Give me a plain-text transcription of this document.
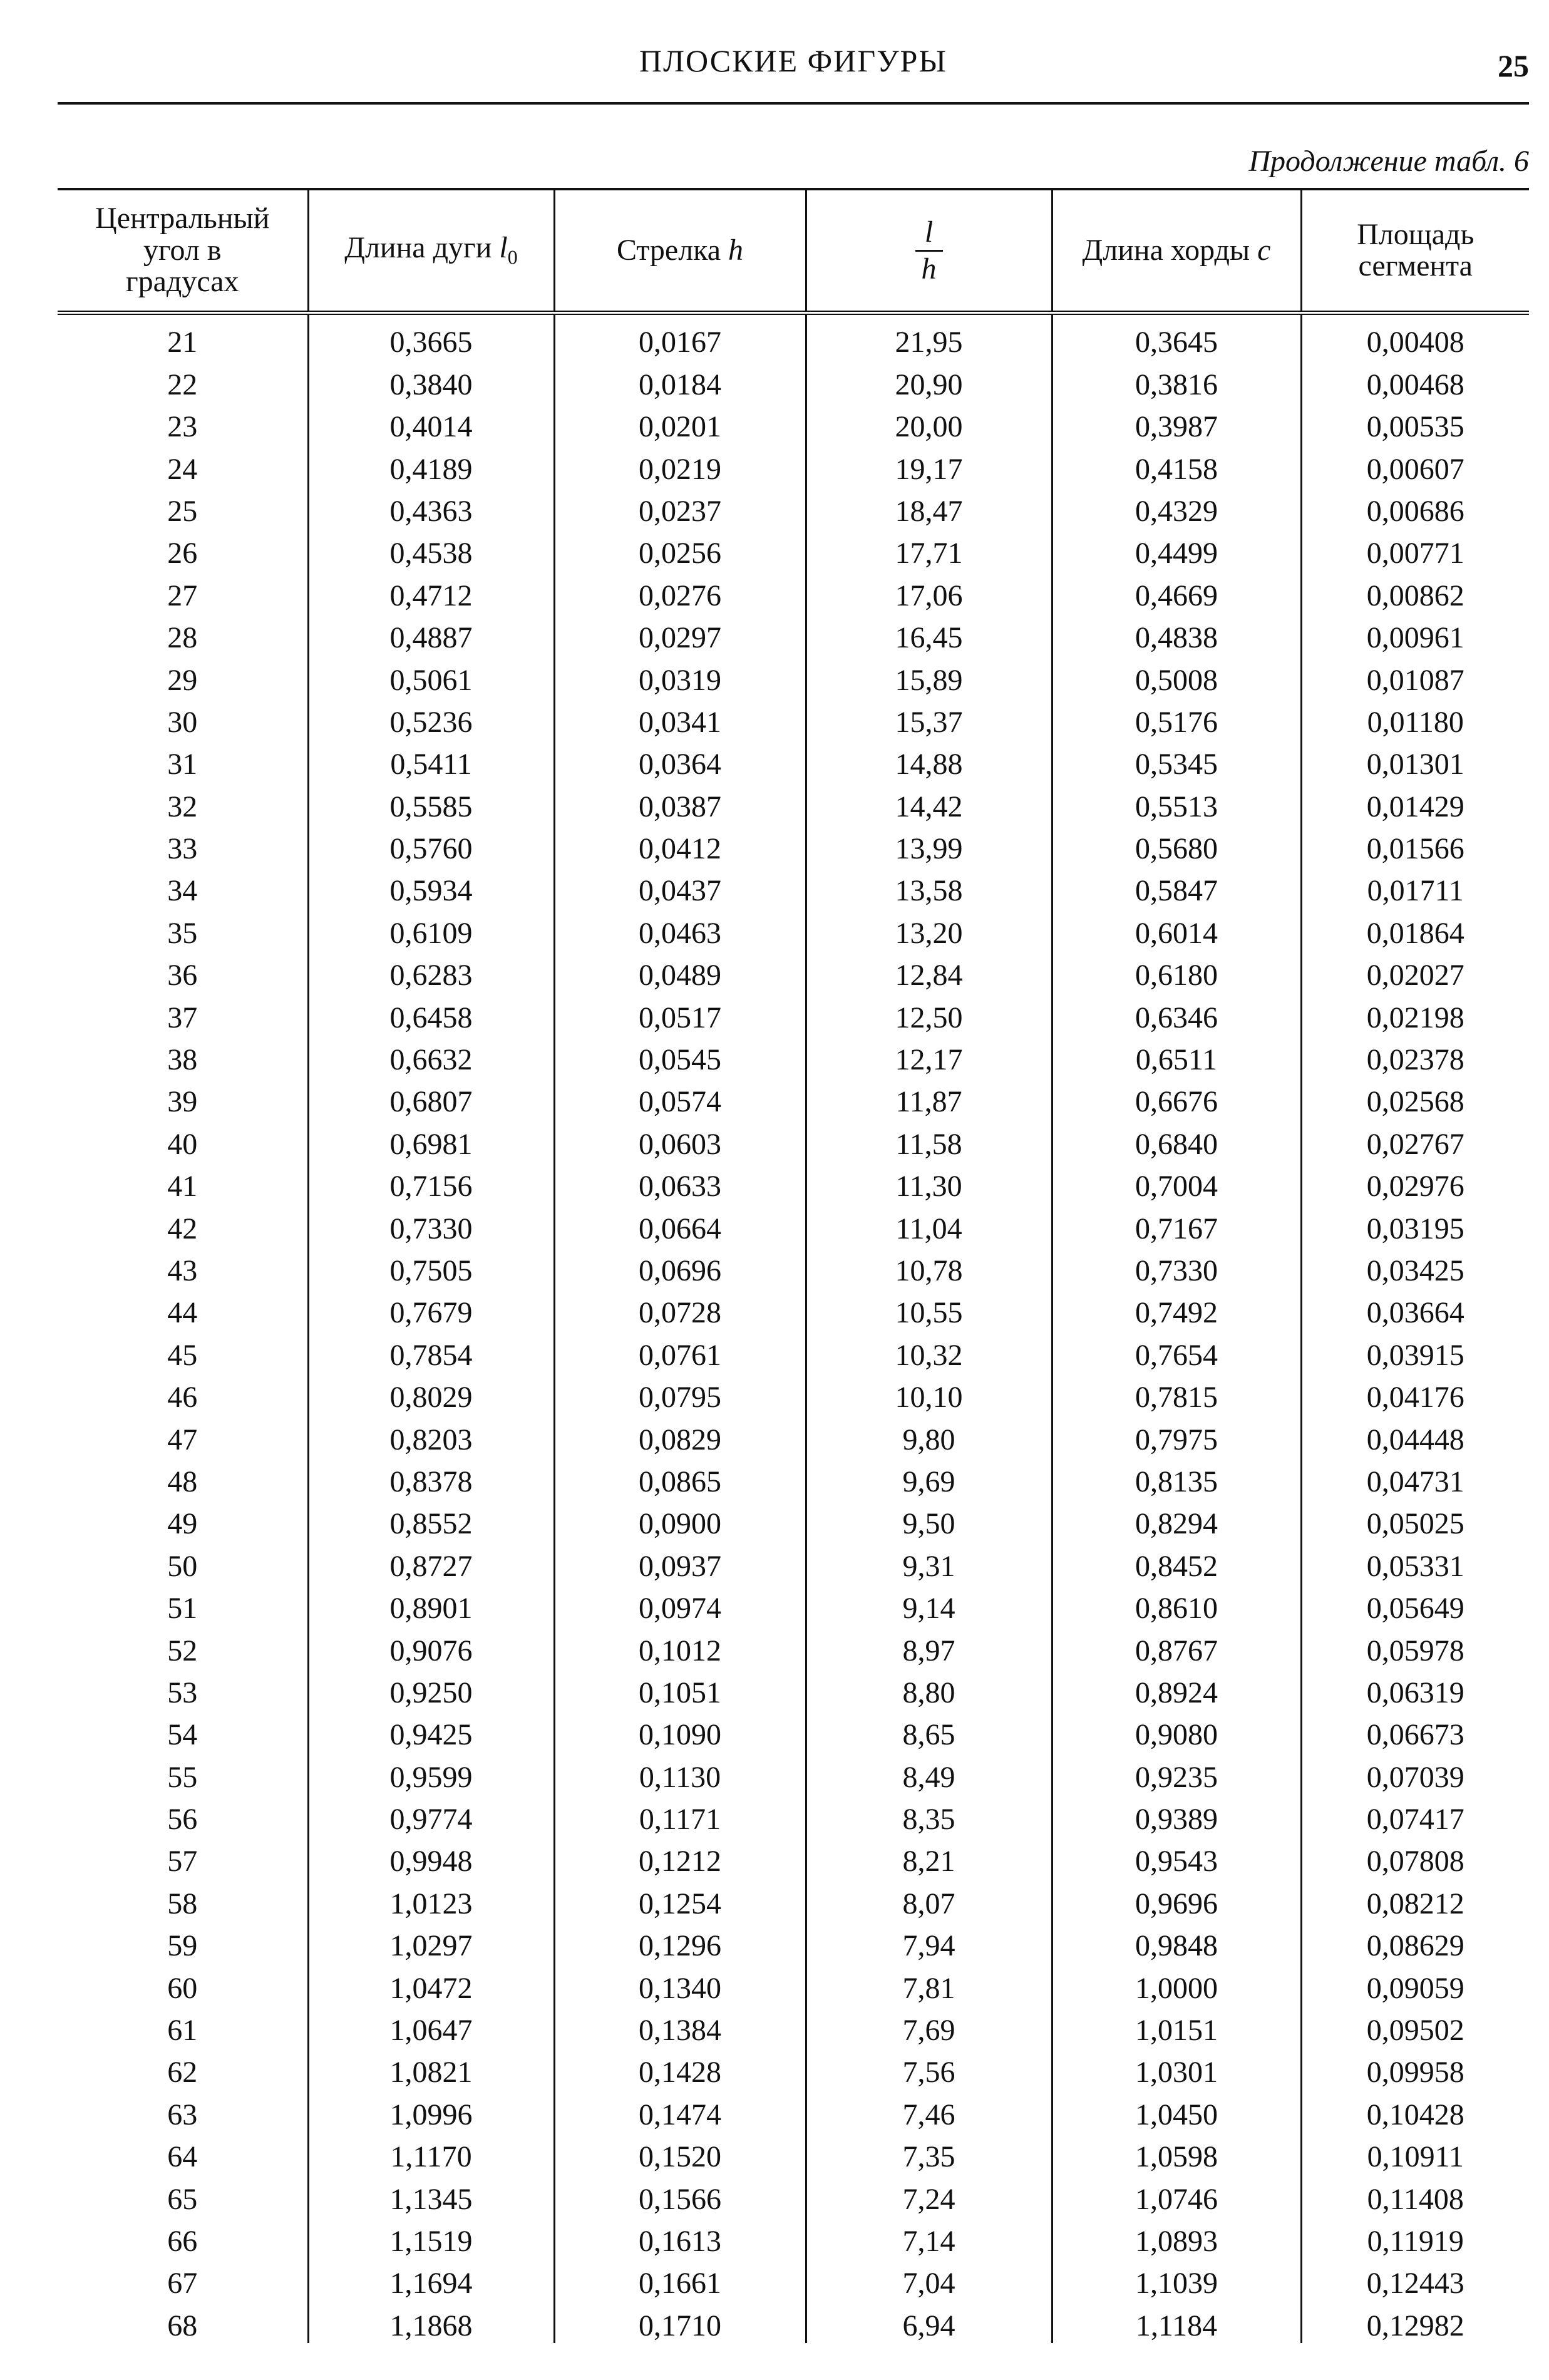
ПЛОСКИЕ ФИГУРЫ	25
Продолжение табл. 6
Центральный
угол в
градусах	Длина дуги $l_0$	Стрелка h	$\frac{l}{h}$	Длина хорды c	Площадь
сегмента
21	0,3665	0,0167	21,95	0,3645	0,00408
22	0,3840	0,0184	20,90	0,3816	0,00468
23	0,4014	0,0201	20,00	0,3987	0,00535
24	0,4189	0,0219	19,17	0,4158	0,00607
25	0,4363	0,0237	18,47	0,4329	0,00686
26	0,4538	0,0256	17,71	0,4499	0,00771
27	0,4712	0,0276	17,06	0,4669	0,00862
28	0,4887	0,0297	16,45	0,4838	0,00961
29	0,5061	0,0319	15,89	0,5008	0,01087
30	0,5236	0,0341	15,37	0,5176	0,01180
31	0,5411	0,0364	14,88	0,5345	0,01301
32	0,5585	0,0387	14,42	0,5513	0,01429
33	0,5760	0,0412	13,99	0,5680	0,01566
34	0,5934	0,0437	13,58	0,5847	0,01711
35	0,6109	0,0463	13,20	0,6014	0,01864
36	0,6283	0,0489	12,84	0,6180	0,02027
37	0,6458	0,0517	12,50	0,6346	0,02198
38	0,6632	0,0545	12,17	0,6511	0,02378
39	0,6807	0,0574	11,87	0,6676	0,02568
40	0,6981	0,0603	11,58	0,6840	0,02767
41	0,7156	0,0633	11,30	0,7004	0,02976
42	0,7330	0,0664	11,04	0,7167	0,03195
43	0,7505	0,0696	10,78	0,7330	0,03425
44	0,7679	0,0728	10,55	0,7492	0,03664
45	0,7854	0,0761	10,32	0,7654	0,03915
46	0,8029	0,0795	10,10	0,7815	0,04176
47	0,8203	0,0829	9,80	0,7975	0,04448
48	0,8378	0,0865	9,69	0,8135	0,04731
49	0,8552	0,0900	9,50	0,8294	0,05025
50	0,8727	0,0937	9,31	0,8452	0,05331
51	0,8901	0,0974	9,14	0,8610	0,05649
52	0,9076	0,1012	8,97	0,8767	0,05978
53	0,9250	0,1051	8,80	0,8924	0,06319
54	0,9425	0,1090	8,65	0,9080	0,06673
55	0,9599	0,1130	8,49	0,9235	0,07039
56	0,9774	0,1171	8,35	0,9389	0,07417
57	0,9948	0,1212	8,21	0,9543	0,07808
58	1,0123	0,1254	8,07	0,9696	0,08212
59	1,0297	0,1296	7,94	0,9848	0,08629
60	1,0472	0,1340	7,81	1,0000	0,09059
61	1,0647	0,1384	7,69	1,0151	0,09502
62	1,0821	0,1428	7,56	1,0301	0,09958
63	1,0996	0,1474	7,46	1,0450	0,10428
64	1,1170	0,1520	7,35	1,0598	0,10911
65	1,1345	0,1566	7,24	1,0746	0,11408
66	1,1519	0,1613	7,14	1,0893	0,11919
67	1,1694	0,1661	7,04	1,1039	0,12443
68	1,1868	0,1710	6,94	1,1184	0,12982
